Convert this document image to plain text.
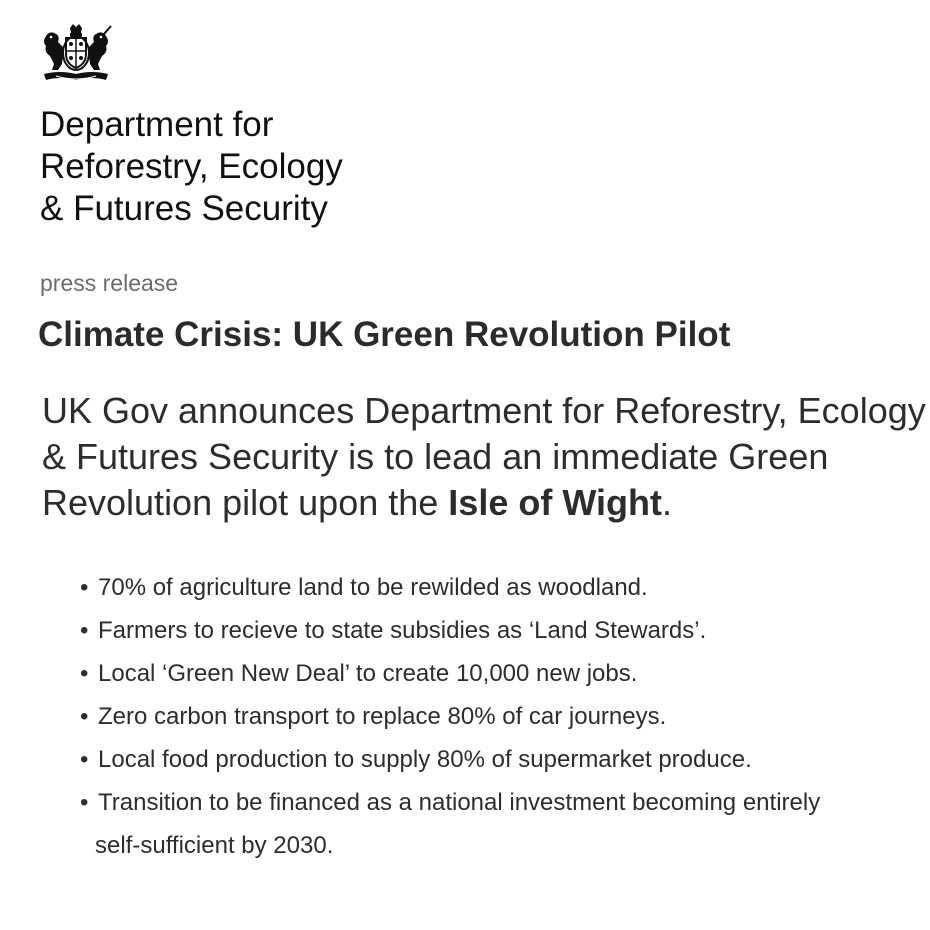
Department for
Reforestry, Ecology
& Futures Security

press release

Climate Crisis: UK Green Revolution Pilot

UK Gov announces Department for Reforestry, Ecology & Futures Security is to lead an immediate Green Revolution pilot upon the Isle of Wight.

• 70% of agriculture land to be rewilded as woodland.
• Farmers to recieve to state subsidies as ‘Land Stewards’.
• Local ‘Green New Deal’ to create 10,000 new jobs.
• Zero carbon transport to replace 80% of car journeys.
• Local food production to supply 80% of supermarket produce.
• Transition to be financed as a national investment becoming entirely
self-sufficient by 2030.
